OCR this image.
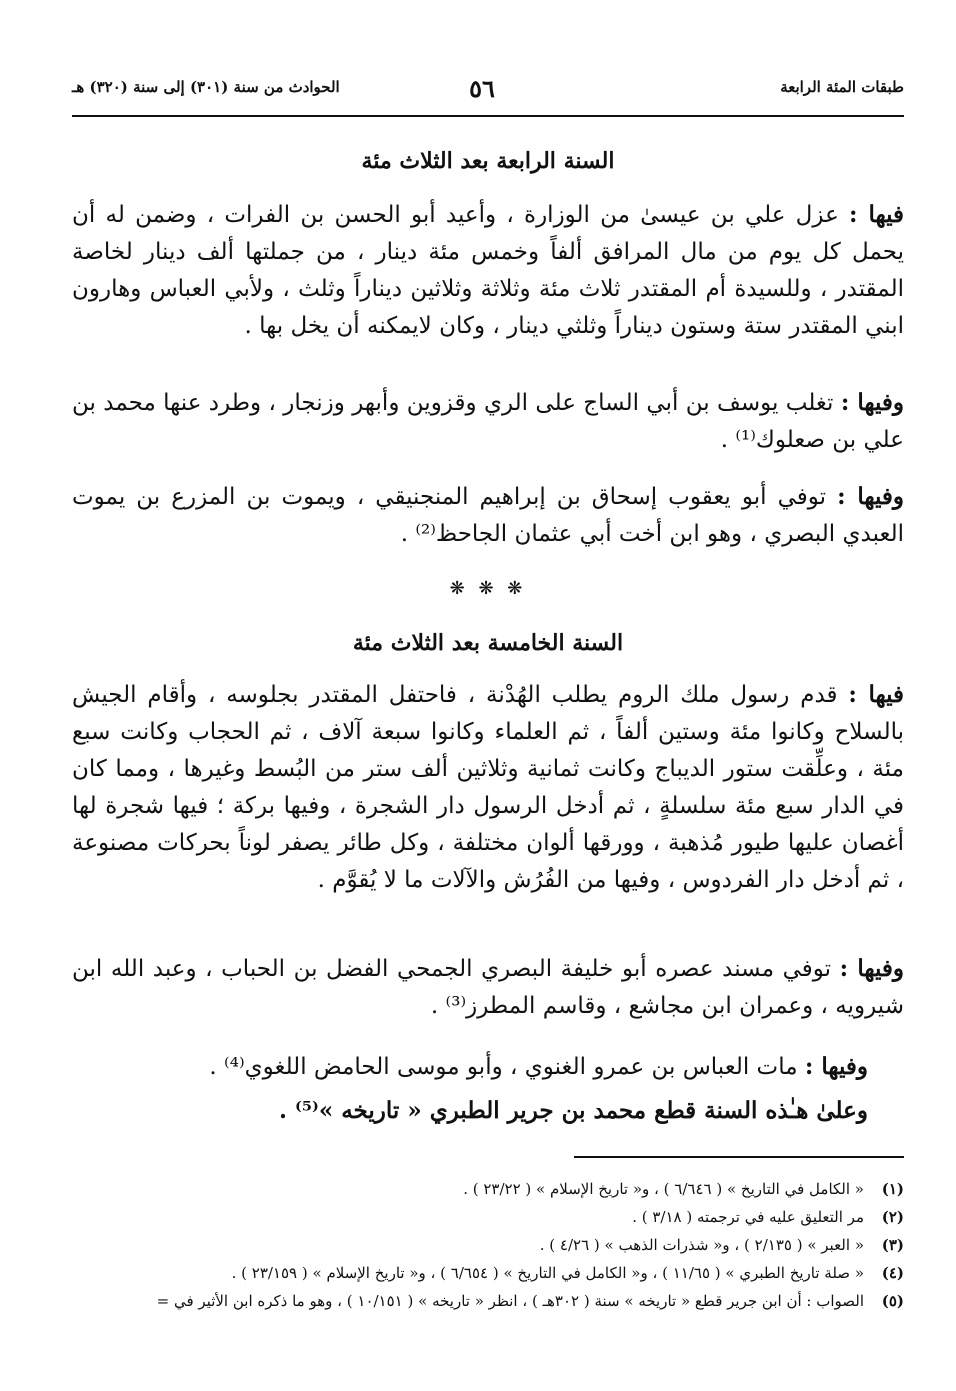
طبقات المئة الرابعة
٥٦
الحوادث من سنة (٣٠١) إلى سنة (٣٢٠) هـ
السنة الرابعة بعد الثلاث مئة
فيها : عزل علي بن عيسىٰ من الوزارة ، وأعيد أبو الحسن بن الفرات ، وضمن له أن يحمل كل يوم من مال المرافق ألفاً وخمس مئة دينار ، من جملتها ألف دينار لخاصة المقتدر ، وللسيدة أم المقتدر ثلاث مئة وثلاثة وثلاثين ديناراً وثلث ، ولأبي العباس وهارون ابني المقتدر ستة وستون ديناراً وثلثي دينار ، وكان لايمكنه أن يخل بها .
وفيها : تغلب يوسف بن أبي الساج على الري وقزوين وأبهر وزنجار ، وطرد عنها محمد بن علي بن صعلوك⁽¹⁾ .
وفيها : توفي أبو يعقوب إسحاق بن إبراهيم المنجنيقي ، ويموت بن المزرع بن يموت العبدي البصري ، وهو ابن أخت أبي عثمان الجاحظ⁽²⁾ .
❋ ❋ ❋
السنة الخامسة بعد الثلاث مئة
فيها : قدم رسول ملك الروم يطلب الهُدْنة ، فاحتفل المقتدر بجلوسه ، وأقام الجيش بالسلاح وكانوا مئة وستين ألفاً ، ثم العلماء وكانوا سبعة آلاف ، ثم الحجاب وكانت سبع مئة ، وعلِّقت ستور الديباج وكانت ثمانية وثلاثين ألف ستر من البُسط وغيرها ، ومما كان في الدار سبع مئة سلسلةٍ ، ثم أدخل الرسول دار الشجرة ، وفيها بركة ؛ فيها شجرة لها أغصان عليها طيور مُذهبة ، وورقها ألوان مختلفة ، وكل طائر يصفر لوناً بحركات مصنوعة ، ثم أدخل دار الفردوس ، وفيها من الفُرُش والآلات ما لا يُقوَّم .
وفيها : توفي مسند عصره أبو خليفة البصري الجمحي الفضل بن الحباب ، وعبد الله ابن شيرويه ، وعمران ابن مجاشع ، وقاسم المطرز⁽³⁾ .
وفيها : مات العباس بن عمرو الغنوي ، وأبو موسى الحامض اللغوي⁽⁴⁾ .
وعلىٰ هـٰذه السنة قطع محمد بن جرير الطبري « تاريخه »⁽⁵⁾ .
(١)
« الكامل في التاريخ » ( ٦/٦٤٦ ) ، و« تاريخ الإسلام » ( ٢٣/٢٢ ) .
(٢)
مر التعليق عليه في ترجمته ( ٣/١٨ ) .
(٣)
« العبر » ( ٢/١٣٥ ) ، و« شذرات الذهب » ( ٤/٢٦ ) .
(٤)
« صلة تاريخ الطبري » ( ١١/٦٥ ) ، و« الكامل في التاريخ » ( ٦/٦٥٤ ) ، و« تاريخ الإسلام » ( ٢٣/١٥٩ ) .
(٥)
الصواب : أن ابن جرير قطع « تاريخه » سنة ( ٣٠٢هـ ) ، انظر « تاريخه » ( ١٠/١٥١ ) ، وهو ما ذكره ابن الأثير في =
